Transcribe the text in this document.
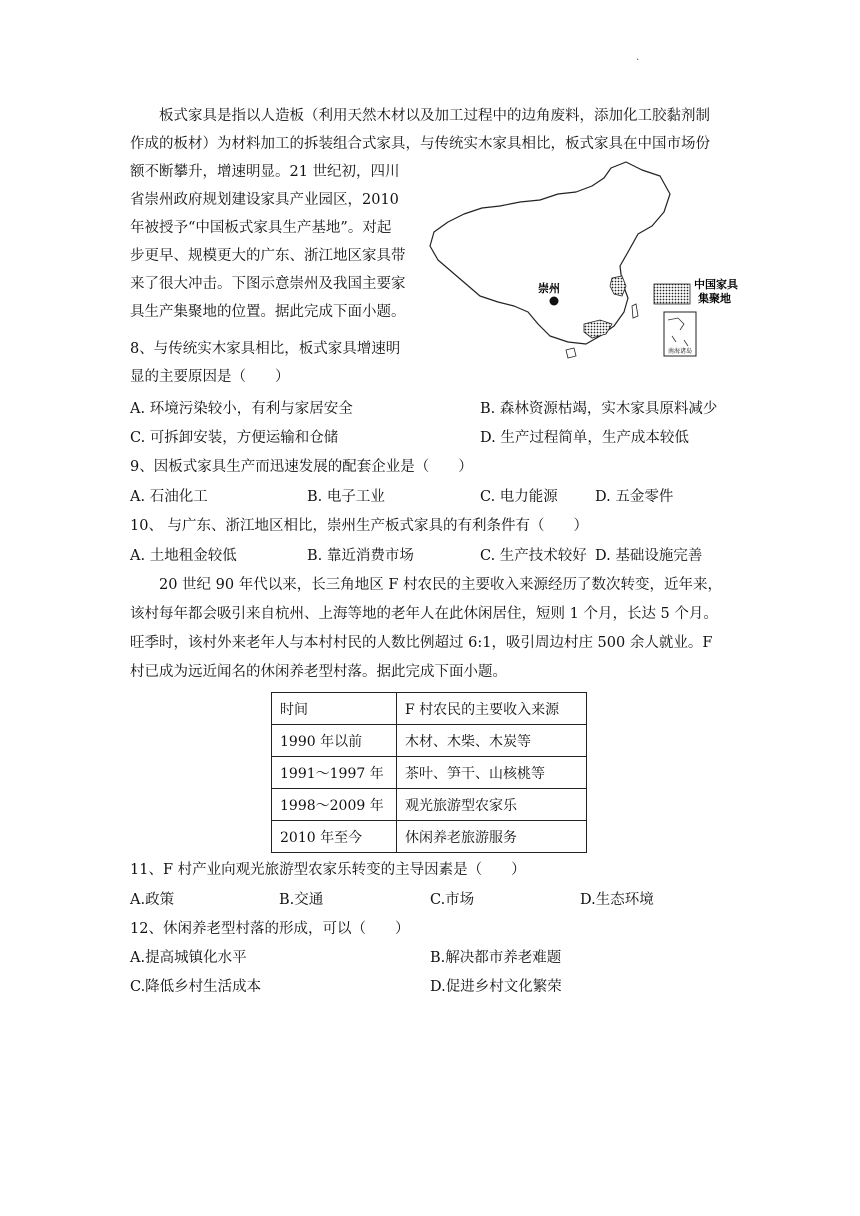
.
板式家具是指以人造板（利用天然木材以及加工过程中的边角废料，添加化工胶黏剂制
作成的板材）为材料加工的拆装组合式家具，与传统实木家具相比，板式家具在中国市场份
额不断攀升，增速明显。21 世纪初，四川
省崇州政府规划建设家具产业园区，2010
年被授予“中国板式家具生产基地”。对起
步更早、规模更大的广东、浙江地区家具带
来了很大冲击。下图示意崇州及我国主要家
具生产集聚地的位置。据此完成下面小题。
崇州	中国家具
集聚地
南海诸岛
8、与传统实木家具相比，板式家具增速明
显的主要原因是（　　）
A. 环境污染较小，有利与家居安全	B. 森林资源枯竭，实木家具原料减少
C. 可拆卸安装，方便运输和仓储	D. 生产过程简单，生产成本较低
9、因板式家具生产而迅速发展的配套企业是（　　）
A. 石油化工	B. 电子工业	C. 电力能源	D. 五金零件
10、 与广东、浙江地区相比，崇州生产板式家具的有利条件有（　　）
A. 土地租金较低	B. 靠近消费市场	C. 生产技术较好 D. 基础设施完善
20 世纪 90 年代以来，长三角地区 F 村农民的主要收入来源经历了数次转变，近年来，
该村每年都会吸引来自杭州、上海等地的老年人在此休闲居住，短则 1 个月，长达 5 个月。
旺季时，该村外来老年人与本村村民的人数比例超过 6:1，吸引周边村庄 500 余人就业。F
村已成为远近闻名的休闲养老型村落。据此完成下面小题。
时间	F 村农民的主要收入来源
1990 年以前	木材、木柴、木炭等
1991～1997 年	茶叶、笋干、山核桃等
1998～2009 年	观光旅游型农家乐
2010 年至今	休闲养老旅游服务
11、F 村产业向观光旅游型农家乐转变的主导因素是（　　）
A.政策	B.交通	C.市场	D.生态环境
12、休闲养老型村落的形成，可以（　　）
A.提高城镇化水平	B.解决都市养老难题
C.降低乡村生活成本	D.促进乡村文化繁荣
